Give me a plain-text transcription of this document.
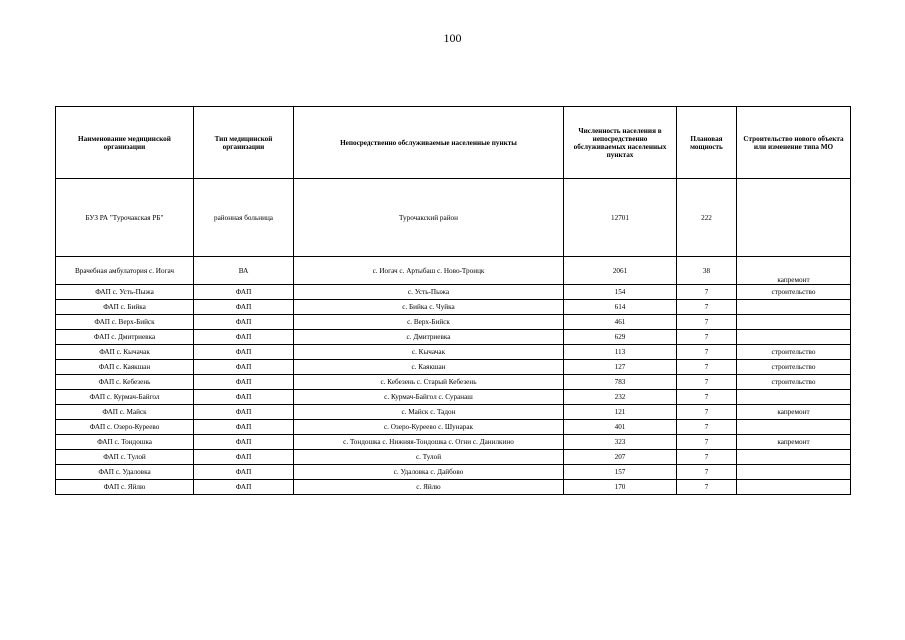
100
Наименование медицинской организации	Тип медицинской организации	Непосредственно обслуживаемые населенные пункты	Численность населения в непосредственно обслуживаемых населенных пунктах	Плановая мощность	Строительство нового объекта или изменение типа МО
БУЗ РА "Турочакская РБ"	районная больница	Турочакский район	12701	222	
Врачебная амбулатория с. Иогач	ВА	с. Иогач с. Артыбаш с. Ново-Троицк	2061	38	капремонт
ФАП с. Усть-Пыжа	ФАП	с. Усть-Пыжа	154	7	строительство
ФАП с. Бийка	ФАП	с. Бийка с. Чуйка	614	7	
ФАП с. Верх-Бийск	ФАП	с. Верх-Бийск	461	7	
ФАП с. Дмитриевка	ФАП	с. Дмитриевка	629	7	
ФАП с. Кычачак	ФАП	с. Кычачак	113	7	строительство
ФАП с. Каякшан	ФАП	с. Каякшан	127	7	строительство
ФАП с. Кебезень	ФАП	с. Кебезень с. Старый Кебезень	783	7	строительство
ФАП с. Курмач-Байгол	ФАП	с. Курмач-Байгол с. Суранаш	232	7	
ФАП с. Майск	ФАП	с. Майск с. Тадон	121	7	капремонт
ФАП с. Озеро-Куреево	ФАП	с. Озеро-Куреево с. Шунарак	401	7	
ФАП с. Тондошка	ФАП	с. Тондошка с. Нижняя-Тондошка с. Огни с. Данилкино	323	7	капремонт
ФАП с. Тулой	ФАП	с. Тулой	207	7	
ФАП с. Удаловка	ФАП	с. Удаловка с. Дайбово	157	7	
ФАП с. Яйлю	ФАП	с. Яйлю	170	7	
